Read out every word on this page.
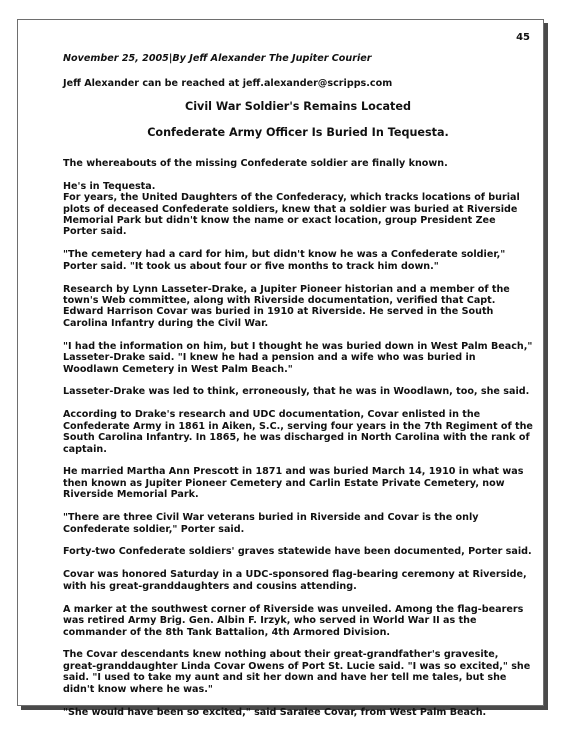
45
November 25, 2005|By Jeff Alexander The Jupiter Courier
Jeff Alexander can be reached at jeff.alexander@scripps.com
Civil War Soldier's Remains Located
Confederate Army Officer Is Buried In Tequesta.
The whereabouts of the missing Confederate soldier are finally known.
He's in Tequesta.
For years, the United Daughters of the Confederacy, which tracks locations of burial plots of deceased Confederate soldiers, knew that a soldier was buried at Riverside Memorial Park but didn't know the name or exact location, group President Zee Porter said.
"The cemetery had a card for him, but didn't know he was a Confederate soldier," Porter said. "It took us about four or five months to track him down."
Research by Lynn Lasseter-Drake, a Jupiter Pioneer historian and a member of the town's Web committee, along with Riverside documentation, verified that Capt. Edward Harrison Covar was buried in 1910 at Riverside. He served in the South Carolina Infantry during the Civil War.
"I had the information on him, but I thought he was buried down in West Palm Beach," Lasseter-Drake said. "I knew he had a pension and a wife who was buried in Woodlawn Cemetery in West Palm Beach."
Lasseter-Drake was led to think, erroneously, that he was in Woodlawn, too, she said.
According to Drake's research and UDC documentation, Covar enlisted in the Confederate Army in 1861 in Aiken, S.C., serving four years in the 7th Regiment of the South Carolina Infantry. In 1865, he was discharged in North Carolina with the rank of captain.
He married Martha Ann Prescott in 1871 and was buried March 14, 1910 in what was then known as Jupiter Pioneer Cemetery and Carlin Estate Private Cemetery, now Riverside Memorial Park.
"There are three Civil War veterans buried in Riverside and Covar is the only Confederate soldier," Porter said.
Forty-two Confederate soldiers' graves statewide have been documented, Porter said.
Covar was honored Saturday in a UDC-sponsored flag-bearing ceremony at Riverside, with his great-granddaughters and cousins attending.
A marker at the southwest corner of Riverside was unveiled. Among the flag-bearers was retired Army Brig. Gen. Albin F. Irzyk, who served in World War II as the commander of the 8th Tank Battalion, 4th Armored Division.
The Covar descendants knew nothing about their great-grandfather's gravesite, great-granddaughter Linda Covar Owens of Port St. Lucie said. "I was so excited," she said. "I used to take my aunt and sit her down and have her tell me tales, but she didn't know where he was."
"She would have been so excited," said Saralee Covar, from West Palm Beach.
